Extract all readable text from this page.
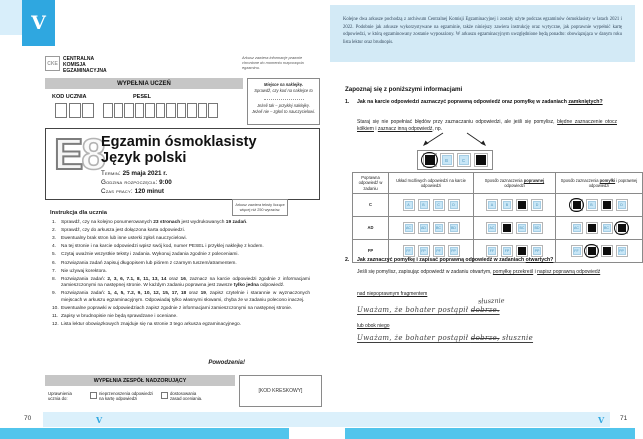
V
CKE
CENTRALNA
KOMISJA
EGZAMINACYJNA
Arkusz zawiera informacje prawnie chronione do momentu rozpoczęcia egzaminu.
WYPEŁNIA UCZEŃ	Miejsce na naklejkę.
Sprawdź, czy kod na naklejce to
Jeżeli tak – przyklej naklejkę.
Jeżeli nie – zgłoś to nauczycielowi.
KOD UCZNIA	PESEL
E8
Egzamin ósmoklasisty
Język polski
Termin: 25 maja 2021 r.
Godzina rozpoczęcia: 9:00
Czas pracy: 120 minut
Instrukcja dla ucznia
Arkusz zawiera teksty liczące więcej niż 250 wyrazów.
1.	Sprawdź, czy na kolejno ponumerowanych 23 stronach jest wydrukowanych 19 zadań.
2.	Sprawdź, czy do arkusza jest dołączona karta odpowiedzi.
3.	Ewentualny brak stron lub inne usterki zgłoś nauczycielowi.
4.	Na tej stronie i na karcie odpowiedzi wpisz swój kod, numer PESEL i przyklej naklejkę z kodem.
5.	Czytaj uważnie wszystkie teksty i zadania. Wykonuj zadania zgodnie z poleceniami.
6.	Rozwiązania zadań zapisuj długopisem lub piórem z czarnym tuszem/atramentem.
7.	Nie używaj korektora.
8.	Rozwiązania zadań: 2, 3, 6, 7.1, 8, 11, 13, 14 oraz 16, zaznacz na karcie odpowiedzi zgodnie z informacjami zamieszczonymi na następnej stronie. W każdym zadaniu poprawna jest zawsze tylko jedna odpowiedź.
9.	Rozwiązania zadań: 1, 4, 5, 7.2, 9, 10, 12, 15, 17, 18 oraz 19, zapisz czytelnie i starannie w wyznaczonych miejscach w arkuszu egzaminacyjnym. Odpowiadaj tylko własnymi słowami, chyba że w zadaniu polecono inaczej.
10. Ewentualne poprawki w odpowiedziach zapisz zgodnie z informacjami zamieszczonymi na następnej stronie.
11. Zapisy w brudnopisie nie będą sprawdzane i oceniane.
12. Lista lektur obowiązkowych znajduje się na stronie 3 tego arkusza egzaminacyjnego.
Powodzenia!
WYPEŁNIA ZESPÓŁ NADZORUJĄCY
[KOD KRESKOWY]
Uprawnienia
ucznia do:
nieprzenoszenia odpowiedzi
na kartę odpowiedzi
dostosowania
zasad oceniania.
Kolejne dwa arkusze pochodzą z archiwum Centralnej Komisji Egzaminacyjnej i zostały użyte podczas egzaminów ósmoklasisty w latach 2021 i 2022. Podobnie jak arkusze wykorzystywane na egzaminie, także niniejszy zawiera instrukcję oraz wytyczne, jak poprawnie wypełnić kartę odpowiedzi, w którą egzaminowany zostanie wyposażony. W arkuszu egzaminacyjnym uwzględnione będą ponadto: obowiązująca w danym roku lista lektur oraz brudnopis.
Zapoznaj się z poniższymi informacjami
1.	Jak na karcie odpowiedzi zaznaczyć poprawną odpowiedź oraz pomyłkę w zadaniach zamkniętych?
Staraj się nie popełniać błędów przy zaznaczaniu odpowiedzi, ale jeśli się pomylisz, błędne zaznaczenie otocz kółkiem i zaznacz inną odpowiedź, np.
B	C
Poprawna odpowiedź w zadaniu	Układ możliwych odpowiedzi na karcie odpowiedzi	Sposób zaznaczenia poprawnej odpowiedzi	Sposób zaznaczenia pomyłki i poprawnej odpowiedzi
C	A B C D	A B D	B D

AD	AC AD BC BD	AC BC BD	AC BC

FP	FF FP PF PP	FF FP PP	FF PP
2.	Jak zaznaczyć pomyłkę i zapisać poprawną odpowiedź w zadaniach otwartych?
Jeśli się pomylisz, zapisując odpowiedź w zadaniu otwartym, pomyłkę przekreśl i napisz poprawną odpowiedź
nad niepoprawnym fragmentem
słusznie
Uważam, że bohater postąpił dobrze.
lub obok niego
Uważam, że bohater postąpił dobrze, słusznie
70	V	V 71
